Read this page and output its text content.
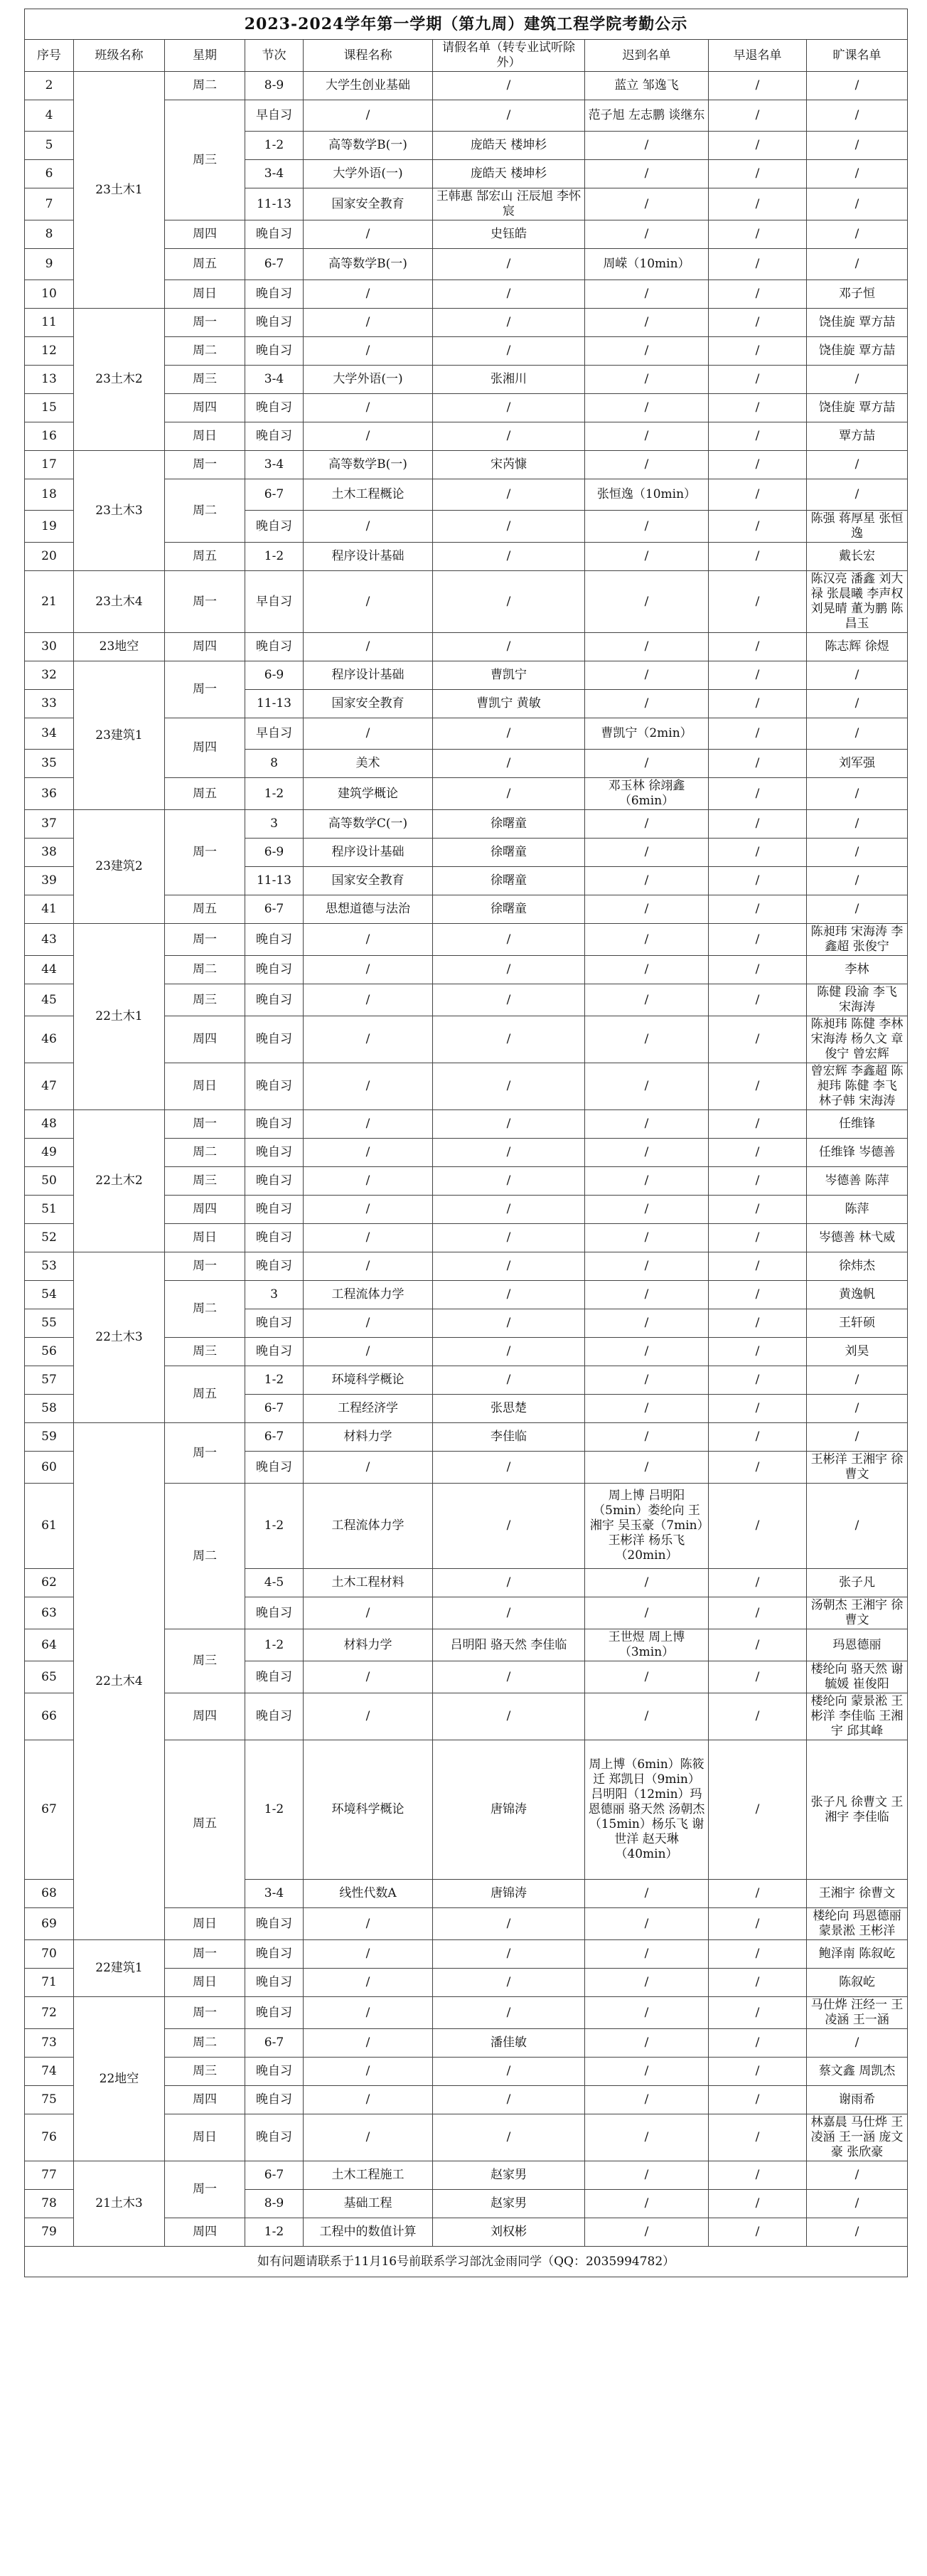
2023-2024学年第一学期（第九周）建筑工程学院考勤公示								
序号	班级名称	星期	节次	课程名称	请假名单（转专业试听除外）	迟到名单	早退名单	旷课名单
2	23土木1	周二	8-9	大学生创业基础	/	蓝立 邹逸飞	/	/
4		周三	早自习	/	/	范子旭 左志鹏 谈继东	/	/
5			1-2	高等数学B(一)	庞皓天 楼坤杉	/	/	/
6			3-4	大学外语(一)	庞皓天 楼坤杉	/	/	/
7			11-13	国家安全教育	王韩惠 郜宏山 汪辰旭 李怀宸	/	/	/
8		周四	晚自习	/	史钰皓	/	/	/
9		周五	6-7	高等数学B(一)	/	周嵘（10min）	/	/
10		周日	晚自习	/	/	/	/	邓子恒
11	23土木2	周一	晚自习	/	/	/	/	饶佳旋 覃方喆
12		周二	晚自习	/	/	/	/	饶佳旋 覃方喆
13		周三	3-4	大学外语(一)	张湘川	/	/	/
15		周四	晚自习	/	/	/	/	饶佳旋 覃方喆
16		周日	晚自习	/	/	/	/	覃方喆
17	23土木3	周一	3-4	高等数学B(一)	宋芮慷	/	/	/
18		周二	6-7	土木工程概论	/	张恒逸（10min）	/	/
19			晚自习	/	/	/	/	陈强 蒋厚星 张恒逸
20		周五	1-2	程序设计基础	/	/	/	戴长宏
21	23土木4	周一	早自习	/	/	/	/	陈汉亮 潘鑫 刘大禄 张晨曦 李声权 刘晃晴 董为鹏 陈昌玉
30	23地空	周四	晚自习	/	/	/	/	陈志辉 徐煜
32	23建筑1	周一	6-9	程序设计基础	曹凯宁	/	/	/
33			11-13	国家安全教育	曹凯宁 黄敏	/	/	/
34		周四	早自习	/	/	曹凯宁（2min）	/	/
35			8	美术	/	/	/	刘军强
36		周五	1-2	建筑学概论	/	邓玉林 徐翊鑫（6min）	/	/
37	23建筑2	周一	3	高等数学C(一)	徐曙童	/	/	/
38			6-9	程序设计基础	徐曙童	/	/	/
39			11-13	国家安全教育	徐曙童	/	/	/
41		周五	6-7	思想道德与法治	徐曙童	/	/	/
43	22土木1	周一	晚自习	/	/	/	/	陈昶玮 宋海涛 李鑫超 张俊宁
44		周二	晚自习	/	/	/	/	李林
45		周三	晚自习	/	/	/	/	陈健 段渝 李飞 宋海涛
46		周四	晚自习	/	/	/	/	陈昶玮 陈健 李林 宋海涛 杨久文 章俊宁 曾宏辉
47		周日	晚自习	/	/	/	/	曾宏辉 李鑫超 陈昶玮 陈健 李飞 林子韩 宋海涛
48	22土木2	周一	晚自习	/	/	/	/	任维锋
49		周二	晚自习	/	/	/	/	任维锋 岑德善
50		周三	晚自习	/	/	/	/	岑德善 陈萍
51		周四	晚自习	/	/	/	/	陈萍
52		周日	晚自习	/	/	/	/	岑德善 林弋威
53	22土木3	周一	晚自习	/	/	/	/	徐炜杰
54		周二	3	工程流体力学	/	/	/	黄逸帆
55			晚自习	/	/	/	/	王轩硕
56		周三	晚自习	/	/	/	/	刘昊
57		周五	1-2	环境科学概论	/	/	/	/
58			6-7	工程经济学	张思楚	/	/	/
59	22土木4	周一	6-7	材料力学	李佳临	/	/	/
60			晚自习	/	/	/	/	王彬洋 王湘宇 徐曹文
61		周二	1-2	工程流体力学	/	周上博 吕明阳（5min）娄纶向 王湘宇 吴玉豪（7min）王彬洋 杨乐飞（20min）	/	/
62			4-5	土木工程材料	/	/	/	张子凡
63			晚自习	/	/	/	/	汤朝杰 王湘宇 徐曹文
64		周三	1-2	材料力学	吕明阳 骆天然 李佳临	王世煜 周上博（3min）	/	玛恩德丽
65			晚自习	/	/	/	/	楼纶向 骆天然 谢毓媛 崔俊阳
66		周四	晚自习	/	/	/	/	楼纶向 蒙景淞 王彬洋 李佳临 王湘宇 邱其峰
67		周五	1-2	环境科学概论	唐锦涛	周上博（6min）陈筱迁 郑凯日（9min）吕明阳（12min）玛恩德丽 骆天然 汤朝杰（15min）杨乐飞 谢世洋 赵天琳（40min）	/	张子凡 徐曹文 王湘宇 李佳临
68			3-4	线性代数A	唐锦涛	/	/	王湘宇 徐曹文
69		周日	晚自习	/	/	/	/	楼纶向 玛恩德丽 蒙景淞 王彬洋
70	22建筑1	周一	晚自习	/	/	/	/	鲍泽南 陈叙屹
71		周日	晚自习	/	/	/	/	陈叙屹
72	22地空	周一	晚自习	/	/	/	/	马仕烨 汪经一 王凌涵 王一涵
73		周二	6-7	/	潘佳敏	/	/	/
74		周三	晚自习	/	/	/	/	蔡文鑫 周凯杰
75		周四	晚自习	/	/	/	/	谢雨希
76		周日	晚自习	/	/	/	/	林嘉晨 马仕烨 王凌涵 王一涵 庞文豪 张欣豪
77	21土木3	周一	6-7	土木工程施工	赵家男	/	/	/
78			8-9	基础工程	赵家男	/	/	/
79		周四	1-2	工程中的数值计算	刘权彬	/	/	/
如有问题请联系于11月16号前联系学习部沈金雨同学（QQ：2035994782）								
